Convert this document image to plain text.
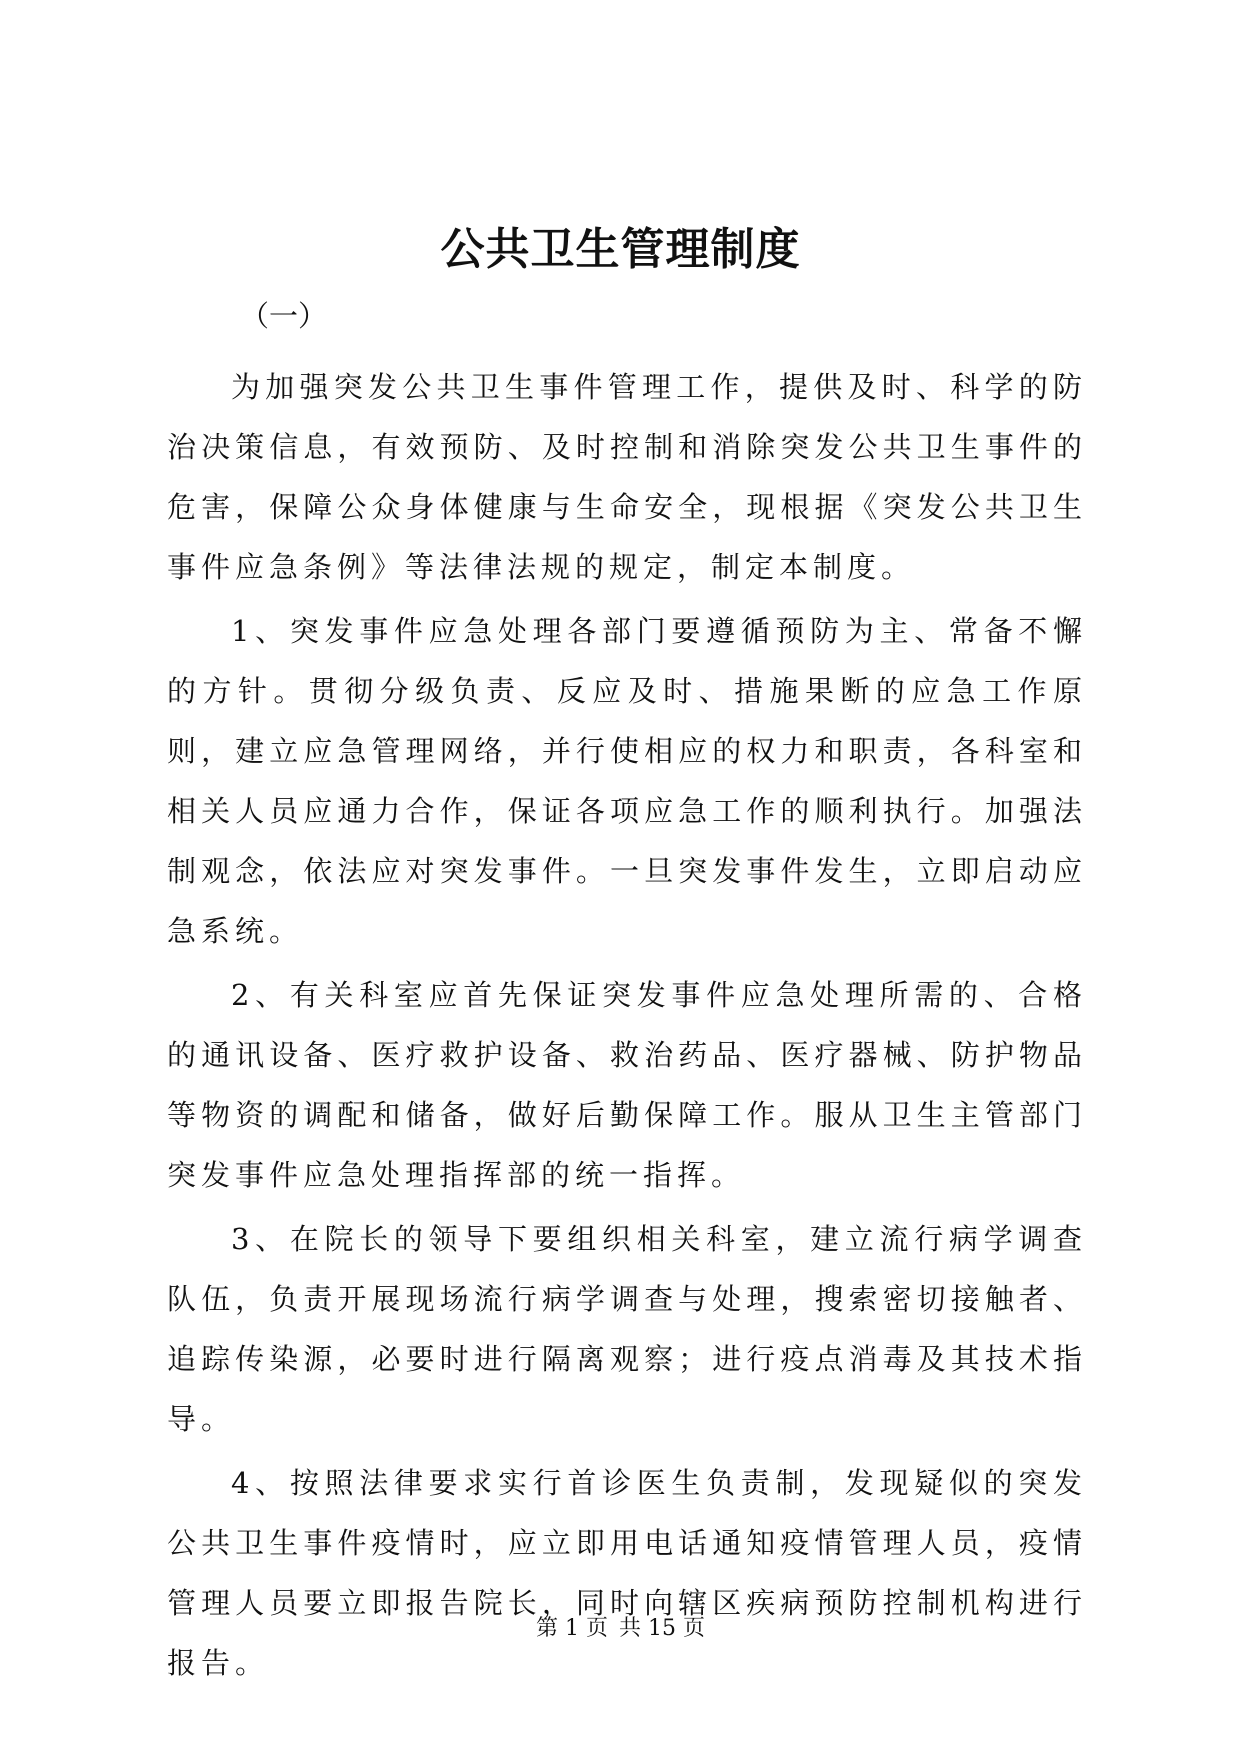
公共卫生管理制度

（一）

为加强突发公共卫生事件管理工作，提供及时、科学的防治决策信息，有效预防、及时控制和消除突发公共卫生事件的危害，保障公众身体健康与生命安全，现根据《突发公共卫生事件应急条例》等法律法规的规定，制定本制度。

1、突发事件应急处理各部门要遵循预防为主、常备不懈的方针。贯彻分级负责、反应及时、措施果断的应急工作原则，建立应急管理网络，并行使相应的权力和职责，各科室和相关人员应通力合作，保证各项应急工作的顺利执行。加强法制观念，依法应对突发事件。一旦突发事件发生，立即启动应急系统。

2、有关科室应首先保证突发事件应急处理所需的、合格的通讯设备、医疗救护设备、救治药品、医疗器械、防护物品等物资的调配和储备，做好后勤保障工作。服从卫生主管部门突发事件应急处理指挥部的统一指挥。

3、在院长的领导下要组织相关科室，建立流行病学调查队伍，负责开展现场流行病学调查与处理，搜索密切接触者、追踪传染源，必要时进行隔离观察；进行疫点消毒及其技术指导。

4、按照法律要求实行首诊医生负责制，发现疑似的突发公共卫生事件疫情时，应立即用电话通知疫情管理人员，疫情管理人员要立即报告院长，同时向辖区疾病预防控制机构进行报告。

第 1 页 共 15 页
